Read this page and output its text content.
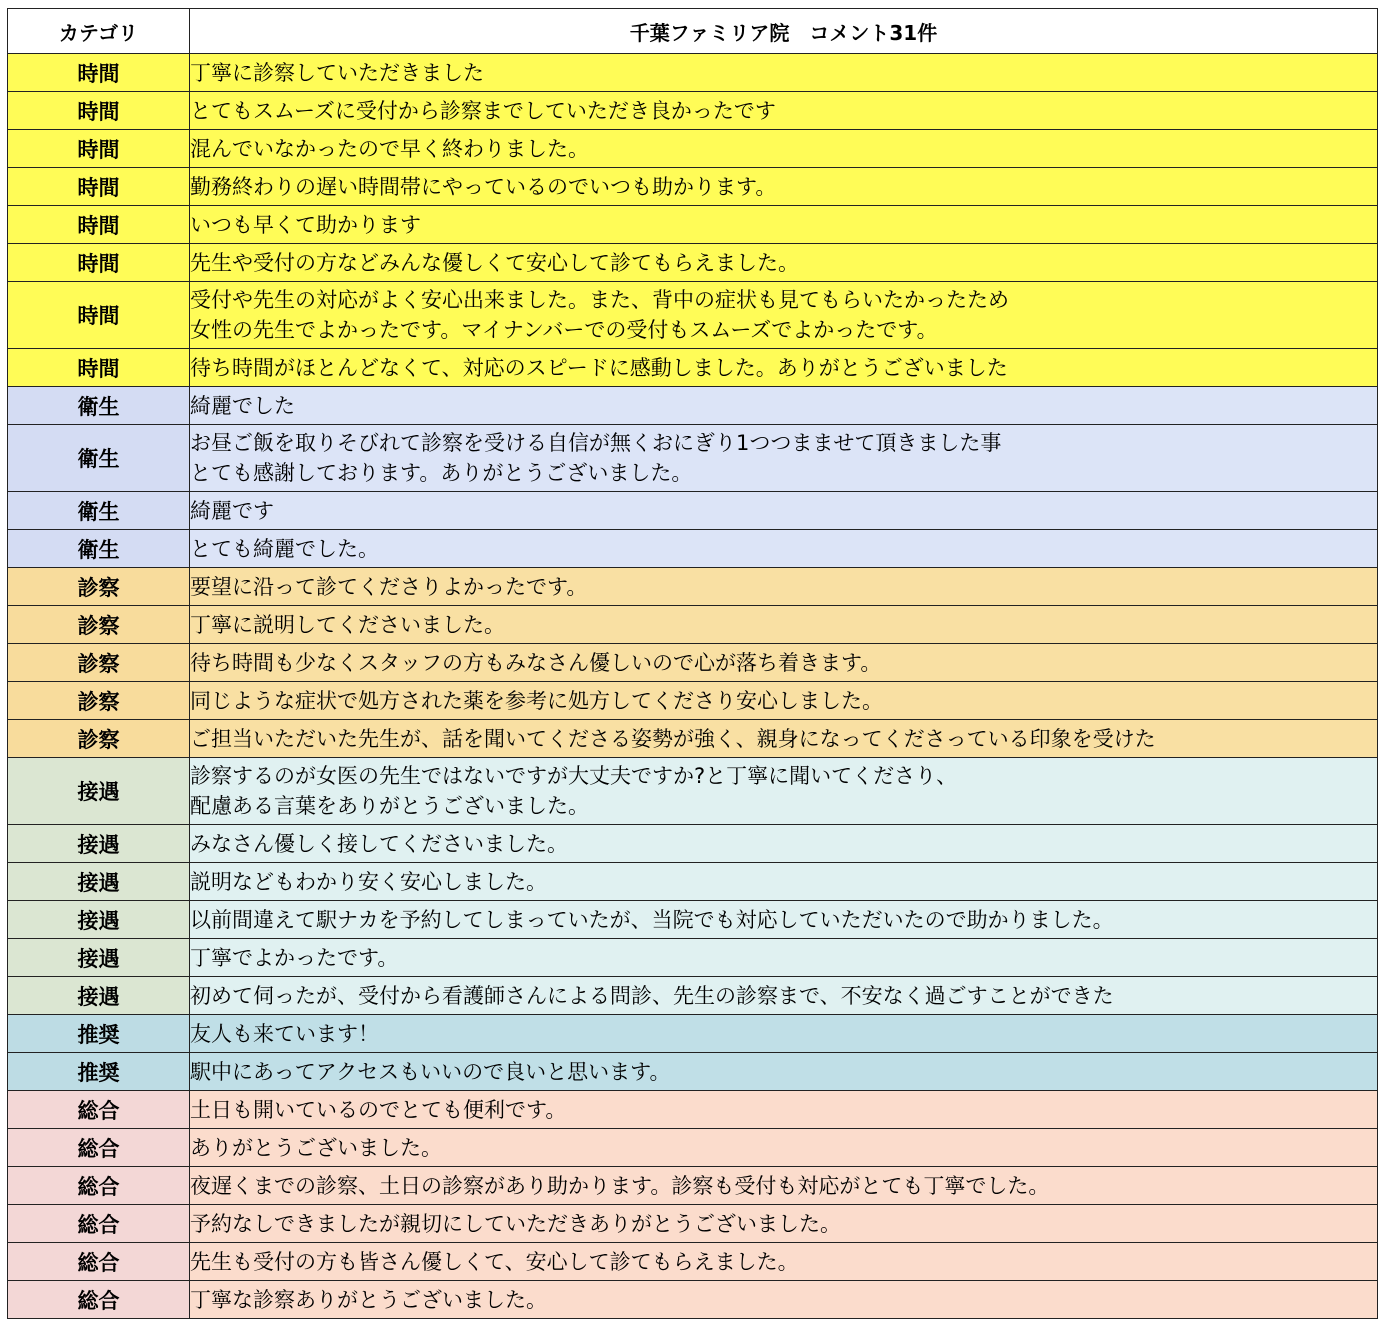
カテゴリ	千葉ファミリア院　コメント31件
時間	丁寧に診察していただきました

時間	とてもスムーズに受付から診察までしていただき良かったです

時間	混んでいなかったので早く終わりました。

時間	勤務終わりの遅い時間帯にやっているのでいつも助かります。

時間	いつも早くて助かります

時間	先生や受付の方などみんな優しくて安心して診てもらえました。

時間	受付や先生の対応がよく安心出来ました。また、背中の症状も見てもらいたかったため
女性の先生でよかったです。マイナンバーでの受付もスムーズでよかったです。

時間	待ち時間がほとんどなくて、対応のスピードに感動しました。ありがとうございました

衛生	綺麗でした

衛生	お昼ご飯を取りそびれて診察を受ける自信が無くおにぎり1つつまませて頂きました事
とても感謝しております。ありがとうございました。

衛生	綺麗です

衛生	とても綺麗でした。

診察	要望に沿って診てくださりよかったです。

診察	丁寧に説明してくださいました。

診察	待ち時間も少なくスタッフの方もみなさん優しいので心が落ち着きます。

診察	同じような症状で処方された薬を参考に処方してくださり安心しました。

診察	ご担当いただいた先生が、話を聞いてくださる姿勢が強く、親身になってくださっている印象を受けた

接遇	診察するのが女医の先生ではないですが大丈夫ですか?と丁寧に聞いてくださり、
配慮ある言葉をありがとうございました。

接遇	みなさん優しく接してくださいました。

接遇	説明などもわかり安く安心しました。

接遇	以前間違えて駅ナカを予約してしまっていたが、当院でも対応していただいたので助かりました。

接遇	丁寧でよかったです。

接遇	初めて伺ったが、受付から看護師さんによる問診、先生の診察まで、不安なく過ごすことができた

推奨	友人も来ています！

推奨	駅中にあってアクセスもいいので良いと思います。

総合	土日も開いているのでとても便利です。

総合	ありがとうございました。

総合	夜遅くまでの診察、土日の診察があり助かります。診察も受付も対応がとても丁寧でした。

総合	予約なしできましたが親切にしていただきありがとうございました。

総合	先生も受付の方も皆さん優しくて、安心して診てもらえました。

総合	丁寧な診察ありがとうございました。
